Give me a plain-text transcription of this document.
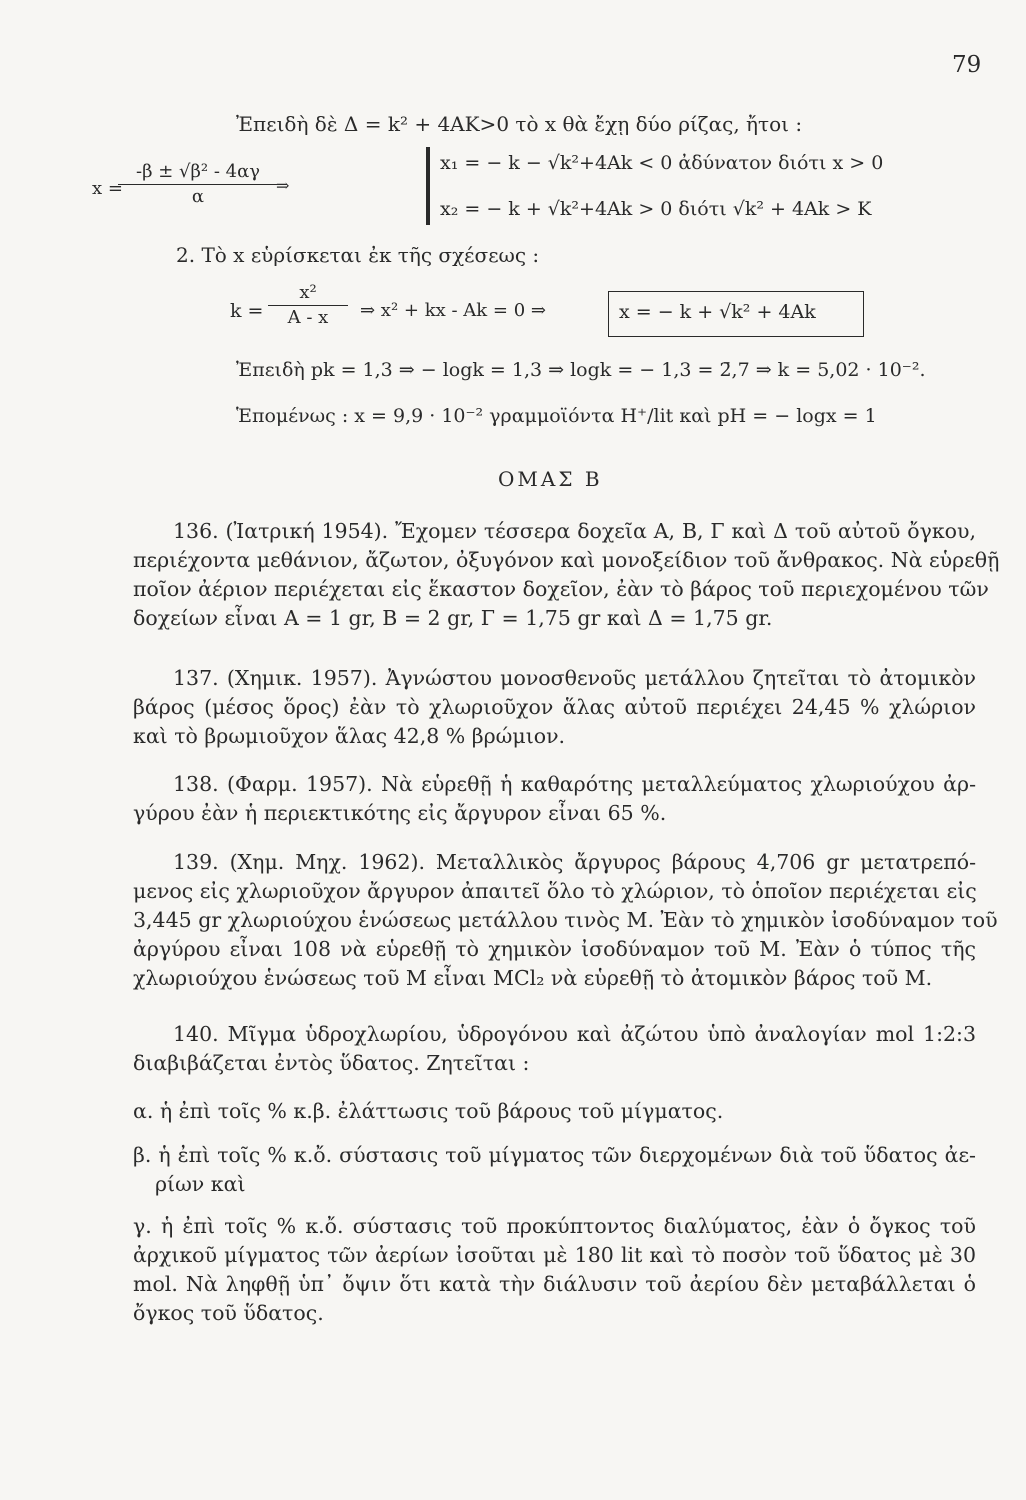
79
Ἐπειδὴ δὲ Δ = k² + 4ΑΚ>0 τὸ x θὰ ἔχῃ δύο ρίζας, ἤτοι :
x =
-β ± √β² - 4αγ
α
⇒
x₁ = − k − √k²+4Ak < 0 ἀδύνατον διότι x > 0
x₂ = − k + √k²+4Ak > 0 διότι √k² + 4Ak > K
2. Τὸ x εὑρίσκεται ἐκ τῆς σχέσεως :
k =
x²
A - x	⇒ x² + kx - Ak = 0 ⇒	x = − k + √k² + 4Ak
Ἐπειδὴ pk = 1,3 ⇒ − logk = 1,3 ⇒ logk = − 1,3 = 2̄,7 ⇒ k = 5,02 · 10⁻².
Ἑπομένως : x = 9,9 · 10⁻² γραμμοϊόντα H⁺/lit καὶ pH = − logx = 1
ΟΜΑΣ Β
136. (Ἰατρική 1954). Ἔχομεν τέσσερα δοχεῖα Α, Β, Γ καὶ Δ τοῦ αὐτοῦ ὄγκου,
περιέχοντα μεθάνιον, ἄζωτον, ὀξυγόνον καὶ μονοξείδιον τοῦ ἄνθρακος. Νὰ εὑρεθῇ
ποῖον ἀέριον περιέχεται εἰς ἕκαστον δοχεῖον, ἐὰν τὸ βάρος τοῦ περιεχομένου τῶν
δοχείων εἶναι Α = 1 gr, Β = 2 gr, Γ = 1,75 gr καὶ Δ = 1,75 gr.
137. (Χημικ. 1957). Ἀγνώστου μονοσθενοῦς μετάλλου ζητεῖται τὸ ἀτομικὸν
βάρος (μέσος ὅρος) ἐὰν τὸ χλωριοῦχον ἅλας αὐτοῦ περιέχει 24,45 % χλώριον
καὶ τὸ βρωμιοῦχον ἅλας 42,8 % βρώμιον.
138. (Φαρμ. 1957). Νὰ εὑρεθῇ ἡ καθαρότης μεταλλεύματος χλωριούχου ἀρ-
γύρου ἐὰν ἡ περιεκτικότης εἰς ἄργυρον εἶναι 65 %.
139. (Χημ. Μηχ. 1962). Μεταλλικὸς ἄργυρος βάρους 4,706 gr μετατρεπό-
μενος εἰς χλωριοῦχον ἄργυρον ἀπαιτεῖ ὅλο τὸ χλώριον, τὸ ὁποῖον περιέχεται εἰς
3,445 gr χλωριούχου ἑνώσεως μετάλλου τινὸς Μ. Ἐὰν τὸ χημικὸν ἰσοδύναμον τοῦ
ἀργύρου εἶναι 108 νὰ εὑρεθῇ τὸ χημικὸν ἰσοδύναμον τοῦ Μ. Ἐὰν ὁ τύπος τῆς
χλωριούχου ἑνώσεως τοῦ Μ εἶναι MCl₂ νὰ εὑρεθῇ τὸ ἀτομικὸν βάρος τοῦ Μ.
140. Μῖγμα ὑδροχλωρίου, ὑδρογόνου καὶ ἀζώτου ὑπὸ ἀναλογίαν mol 1:2:3
διαβιβάζεται ἐντὸς ὕδατος. Ζητεῖται :
α. ἡ ἐπὶ τοῖς % κ.β. ἐλάττωσις τοῦ βάρους τοῦ μίγματος.
β. ἡ ἐπὶ τοῖς % κ.ὄ. σύστασις τοῦ μίγματος τῶν διερχομένων διὰ τοῦ ὕδατος ἀε-
ρίων καὶ
γ. ἡ ἐπὶ τοῖς % κ.ὄ. σύστασις τοῦ προκύπτοντος διαλύματος, ἐὰν ὁ ὄγκος τοῦ
ἀρχικοῦ μίγματος τῶν ἀερίων ἰσοῦται μὲ 180 lit καὶ τὸ ποσὸν τοῦ ὕδατος μὲ 30
mol. Νὰ ληφθῇ ὑπ᾽ ὄψιν ὅτι κατὰ τὴν διάλυσιν τοῦ ἀερίου δὲν μεταβάλλεται ὁ
ὄγκος τοῦ ὕδατος.
